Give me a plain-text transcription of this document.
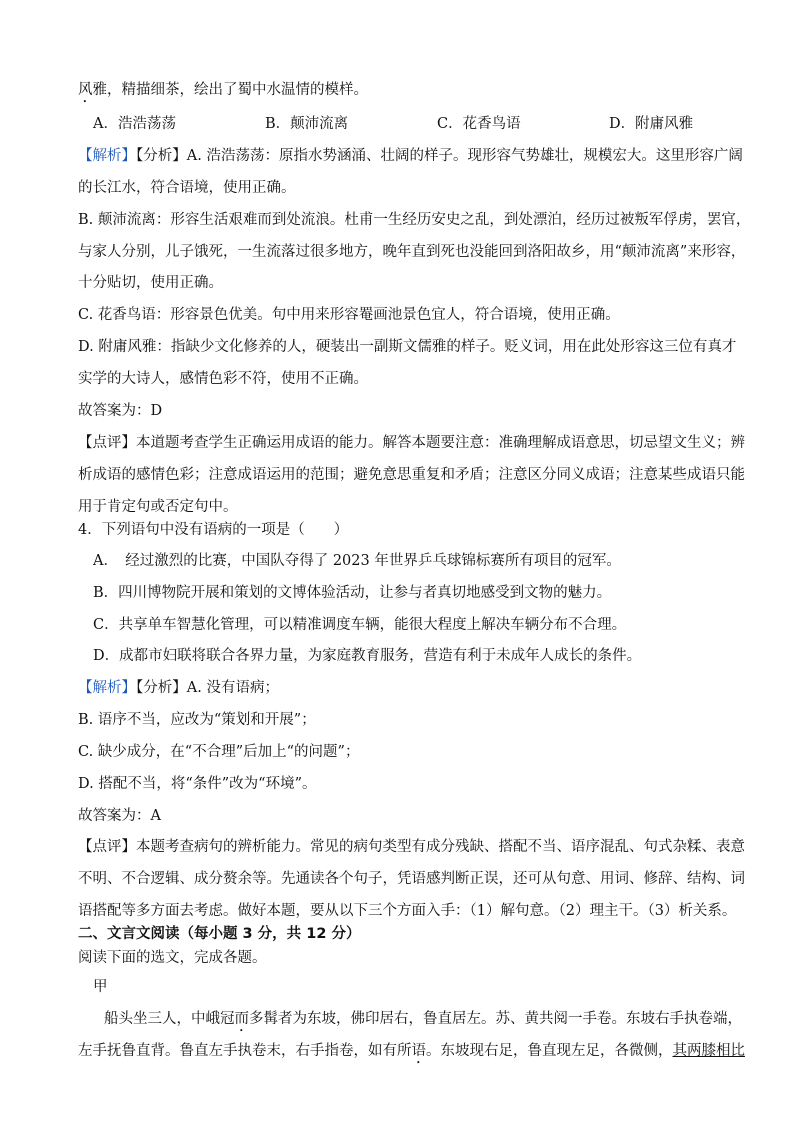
风雅，精描细茶，绘出了蜀中水温情的模样。
A．浩浩荡荡	B．颠沛流离	C．花香鸟语	D．附庸风雅
【解析】【分析】A. 浩浩荡荡：原指水势涵涌、壮阔的样子。现形容气势雄壮，规模宏大。这里形容广阔
的长江水，符合语境，使用正确。
B. 颠沛流离：形容生活艰难而到处流浪。杜甫一生经历安史之乱，到处漂泊，经历过被叛军俘虏，罢官，
与家人分别，儿子饿死，一生流落过很多地方，晚年直到死也没能回到洛阳故乡，用“颠沛流离”来形容，
十分贴切，使用正确。
C. 花香鸟语：形容景色优美。句中用来形容罨画池景色宜人，符合语境，使用正确。
D. 附庸风雅：指缺少文化修养的人，硬装出一副斯文儒雅的样子。贬义词，用在此处形容这三位有真才
实学的大诗人，感情色彩不符，使用不正确。
故答案为：D
【点评】本道题考查学生正确运用成语的能力。解答本题要注意：准确理解成语意思，切忌望文生义；辨
析成语的感情色彩；注意成语运用的范围；避免意思重复和矛盾；注意区分同义成语；注意某些成语只能
用于肯定句或否定句中。
4．下列语句中没有语病的一项是（　　）
A．　经过激烈的比赛，中国队夺得了 2023 年世界乒乓球锦标赛所有项目的冠军。
B．四川博物院开展和策划的文博体验活动，让参与者真切地感受到文物的魅力。
C．共享单车智慧化管理，可以精准调度车辆，能很大程度上解决车辆分布不合理。
D．成都市妇联将联合各界力量，为家庭教育服务，营造有利于未成年人成长的条件。
【解析】【分析】A. 没有语病；
B. 语序不当，应改为“策划和开展”；
C. 缺少成分，在“不合理”后加上“的问题”；
D. 搭配不当，将“条件”改为“环境”。
故答案为：A
【点评】本题考查病句的辨析能力。常见的病句类型有成分残缺、搭配不当、语序混乱、句式杂糅、表意
不明、不合逻辑、成分赘余等。先通读各个句子，凭语感判断正误，还可从句意、用词、修辞、结构、词
语搭配等多方面去考虑。做好本题，要从以下三个方面入手：（1）解句意。（2）理主干。（3）析关系。
二、文言文阅读（每小题 3 分，共 12 分）
阅读下面的选文，完成各题。
甲
船头坐三人，中峨冠而多髯者为东坡，佛印居右，鲁直居左。苏、黄共阅一手卷。东坡右手执卷端，
左手抚鲁直背。鲁直左手执卷末，右手指卷，如有所语。东坡现右足，鲁直现左足，各微侧，其两膝相比
